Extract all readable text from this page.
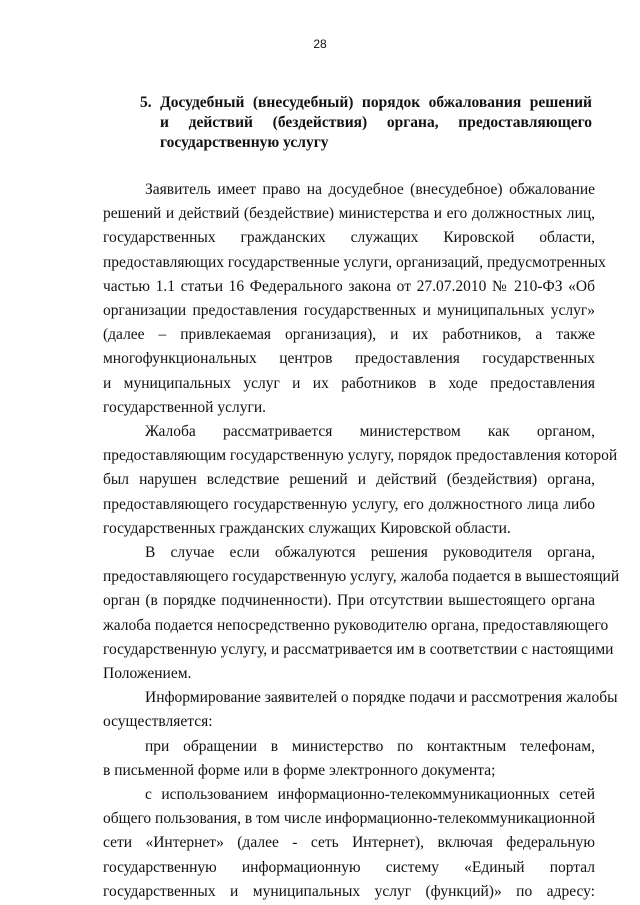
28
5. Досудебный (внесудебный) порядок обжалования решений
и действий (бездействия) органа, предоставляющего
государственную услугу
Заявитель имеет право на досудебное (внесудебное) обжалование
решений и действий (бездействие) министерства и его должностных лиц,
государственных гражданских служащих Кировской области,
предоставляющих государственные услуги, организаций, предусмотренных
частью 1.1 статьи 16 Федерального закона от 27.07.2010 № 210-ФЗ «Об
организации предоставления государственных и муниципальных услуг»
(далее – привлекаемая организация), и их работников, а также
многофункциональных центров предоставления государственных
и муниципальных услуг и их работников в ходе предоставления
государственной услуги.
Жалоба рассматривается министерством как органом,
предоставляющим государственную услугу, порядок предоставления которой
был нарушен вследствие решений и действий (бездействия) органа,
предоставляющего государственную услугу, его должностного лица либо
государственных гражданских служащих Кировской области.
В случае если обжалуются решения руководителя органа,
предоставляющего государственную услугу, жалоба подается в вышестоящий
орган (в порядке подчиненности). При отсутствии вышестоящего органа
жалоба подается непосредственно руководителю органа, предоставляющего
государственную услугу, и рассматривается им в соответствии с настоящими
Положением.
Информирование заявителей о порядке подачи и рассмотрения жалобы
осуществляется:
при обращении в министерство по контактным телефонам,
в письменной форме или в форме электронного документа;
с использованием информационно-телекоммуникационных сетей
общего пользования, в том числе информационно-телекоммуникационной
сети «Интернет» (далее - сеть Интернет), включая федеральную
государственную информационную систему «Единый портал
государственных и муниципальных услуг (функций)» по адресу:
